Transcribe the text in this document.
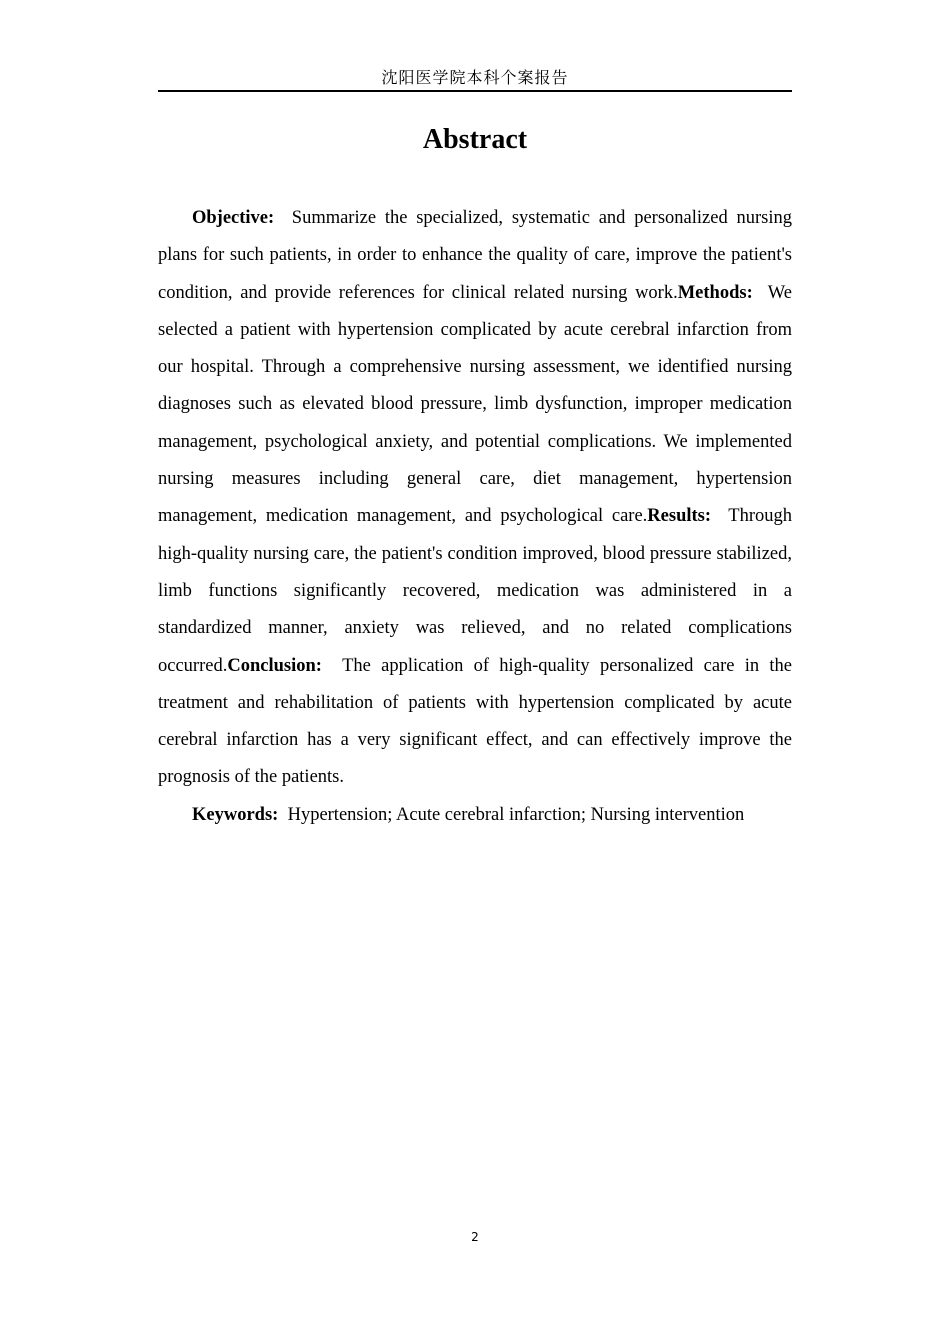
沈阳医学院本科个案报告
Abstract

Objective: Summarize the specialized, systematic and personalized nursing plans for such patients, in order to enhance the quality of care, improve the patient's condition, and provide references for clinical related nursing work.Methods: We selected a patient with hypertension complicated by acute cerebral infarction from our hospital. Through a comprehensive nursing assessment, we identified nursing diagnoses such as elevated blood pressure, limb dysfunction, improper medication management, psychological anxiety, and potential complications. We implemented nursing measures including general care, diet management, hypertension management, medication management, and psychological care.Results: Through high-quality nursing care, the patient's condition improved, blood pressure stabilized, limb functions significantly recovered, medication was administered in a standardized manner, anxiety was relieved, and no related complications occurred.Conclusion: The application of high-quality personalized care in the treatment and rehabilitation of patients with hypertension complicated by acute cerebral infarction has a very significant effect, and can effectively improve the prognosis of the patients.

Keywords: Hypertension; Acute cerebral infarction; Nursing intervention

2
